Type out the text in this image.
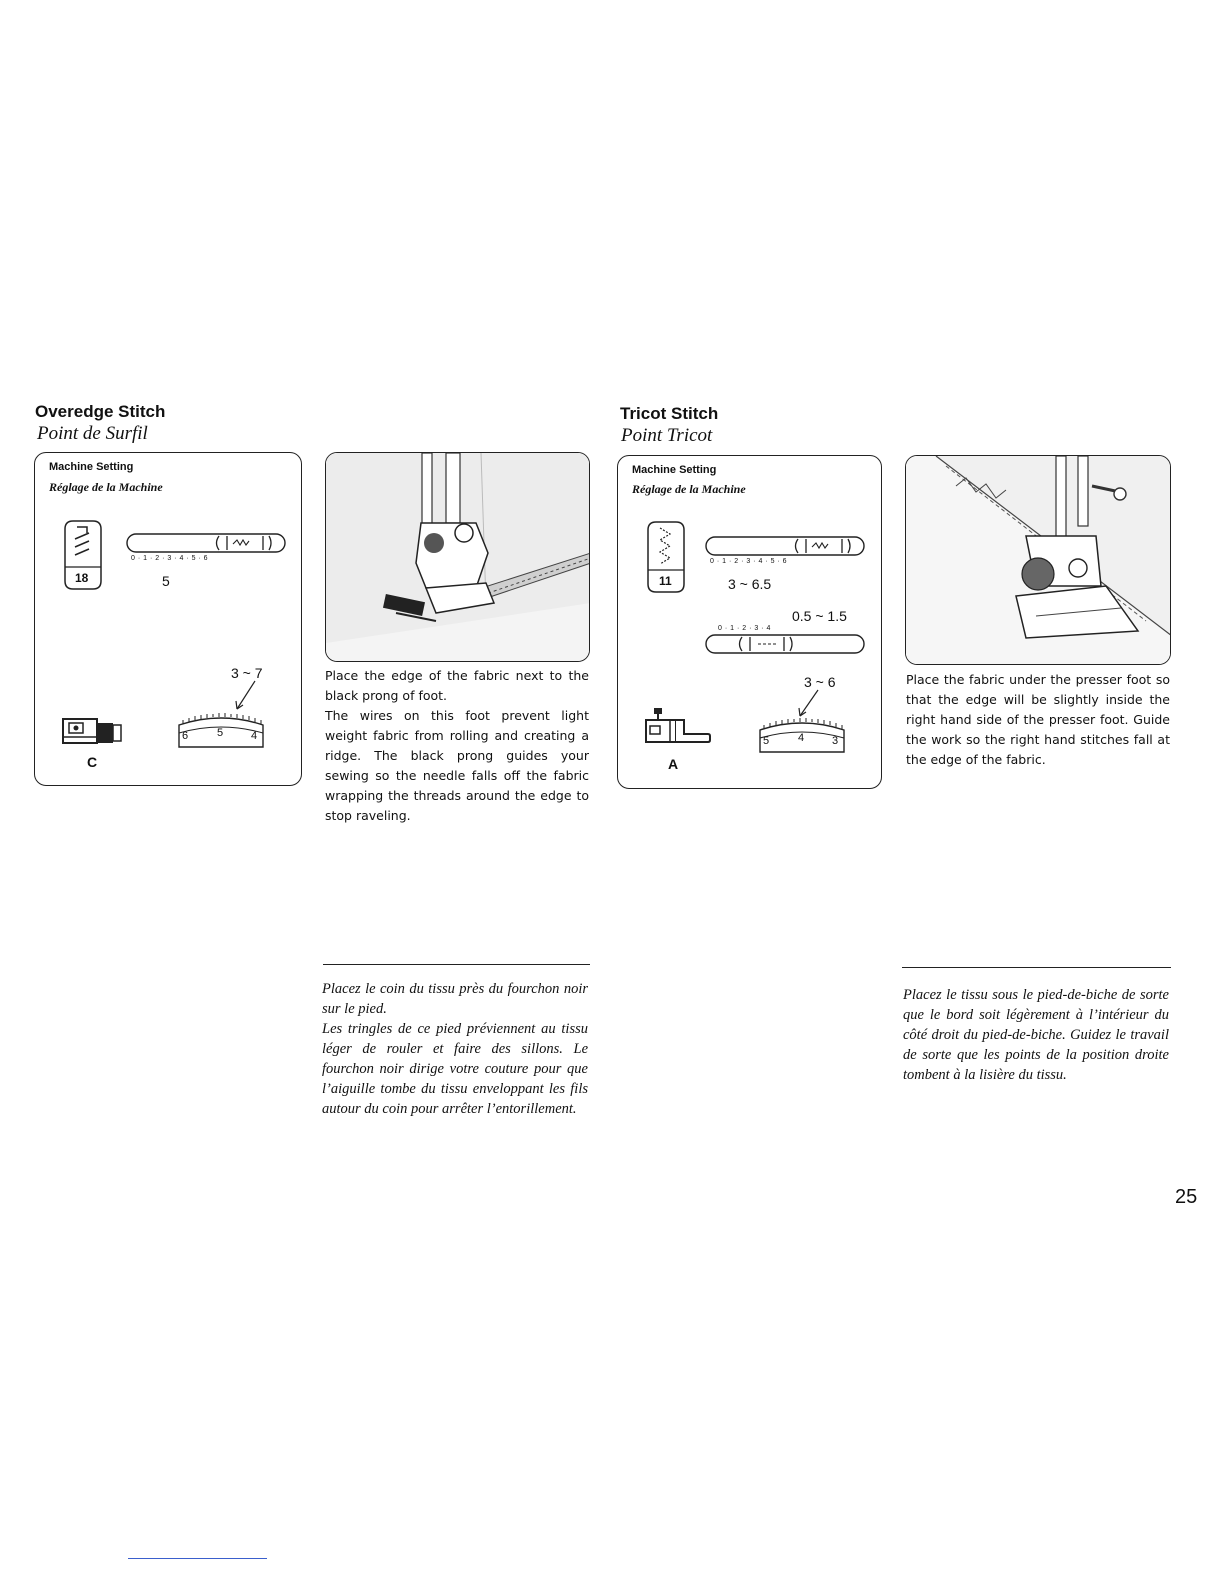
Overedge Stitch
Point de Surfil
Machine Setting
Réglage de la Machine
18
0 · 1 · 2 · 3 · 4 · 5 · 6
5
3 ~ 7
6	5	4
C

Place the edge of the fabric next to the black prong of foot.

The wires on this foot prevent light weight fabric from rolling and creating a ridge. The black prong guides your sewing so the needle falls off the fabric wrapping the threads around the edge to stop raveling.

Placez le coin du tissu près du fourchon noir sur le pied.

Les tringles de ce pied préviennent au tissu léger de rouler et faire des sillons. Le fourchon noir dirige votre couture pour que l’aiguille tombe du tissu enveloppant les fils autour du coin pour arrêter l’entorillement.

Tricot Stitch
Point Tricot
Machine Setting
Réglage de la Machine
11
0 · 1 · 2 · 3 · 4 · 5 · 6
3 ~ 6.5
0.5 ~ 1.5
0 · 1 · 2 · 3 · 4
3 ~ 6
5	4	3
A

Place the fabric under the presser foot so that the edge will be slightly inside the right hand side of the presser foot. Guide the work so the right hand stitches fall at the edge of the fabric.

Placez le tissu sous le pied-de-biche de sorte que le bord soit légèrement à l’intérieur du côté droit du pied-de-biche. Guidez le travail de sorte que les points de la position droite tombent à la lisière du tissu.

25
